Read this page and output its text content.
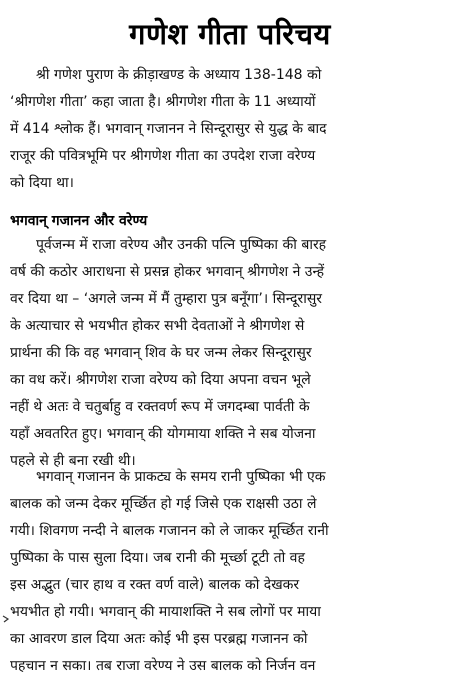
गणेश गीता परिचय
श्री गणेश पुराण के क्रीड़ाखण्ड के अध्याय 138-148 को
‘श्रीगणेश गीता’ कहा जाता है। श्रीगणेश गीता के 11 अध्यायों
में 414 श्लोक हैं। भगवान् गजानन ने सिन्दूरासुर से युद्ध के बाद
राजूर की पवित्रभूमि पर श्रीगणेश गीता का उपदेश राजा वरेण्य
को दिया था।
भगवान् गजानन और वरेण्य
पूर्वजन्म में राजा वरेण्य और उनकी पत्नि पुष्पिका की बारह
वर्ष की कठोर आराधना से प्रसन्न होकर भगवान् श्रीगणेश ने उन्हें
वर दिया था – ‘अगले जन्म में मैं तुम्हारा पुत्र बनूँगा’। सिन्दूरासुर
के अत्याचार से भयभीत होकर सभी देवताओं ने श्रीगणेश से
प्रार्थना की कि वह भगवान् शिव के घर जन्म लेकर सिन्दूरासुर
का वध करें। श्रीगणेश राजा वरेण्य को दिया अपना वचन भूले
नहीं थे अतः वे चतुर्बाहु व रक्तवर्ण रूप में जगदम्बा पार्वती के
यहाँ अवतरित हुए। भगवान् की योगमाया शक्ति ने सब योजना
पहले से ही बना रखी थी।
भगवान् गजानन के प्राकट्य के समय रानी पुष्पिका भी एक
बालक को जन्म देकर मूर्च्छित हो गई जिसे एक राक्षसी उठा ले
गयी। शिवगण नन्दी ने बालक गजानन को ले जाकर मूर्च्छित रानी
पुष्पिका के पास सुला दिया। जब रानी की मूर्च्छा टूटी तो वह
इस अद्भुत (चार हाथ व रक्त वर्ण वाले) बालक को देखकर
भयभीत हो गयी। भगवान् की मायाशक्ति ने सब लोगों पर माया
का आवरण डाल दिया अतः कोई भी इस परब्रह्म गजानन को
पहचान न सका। तब राजा वरेण्य ने उस बालक को निर्जन वन
